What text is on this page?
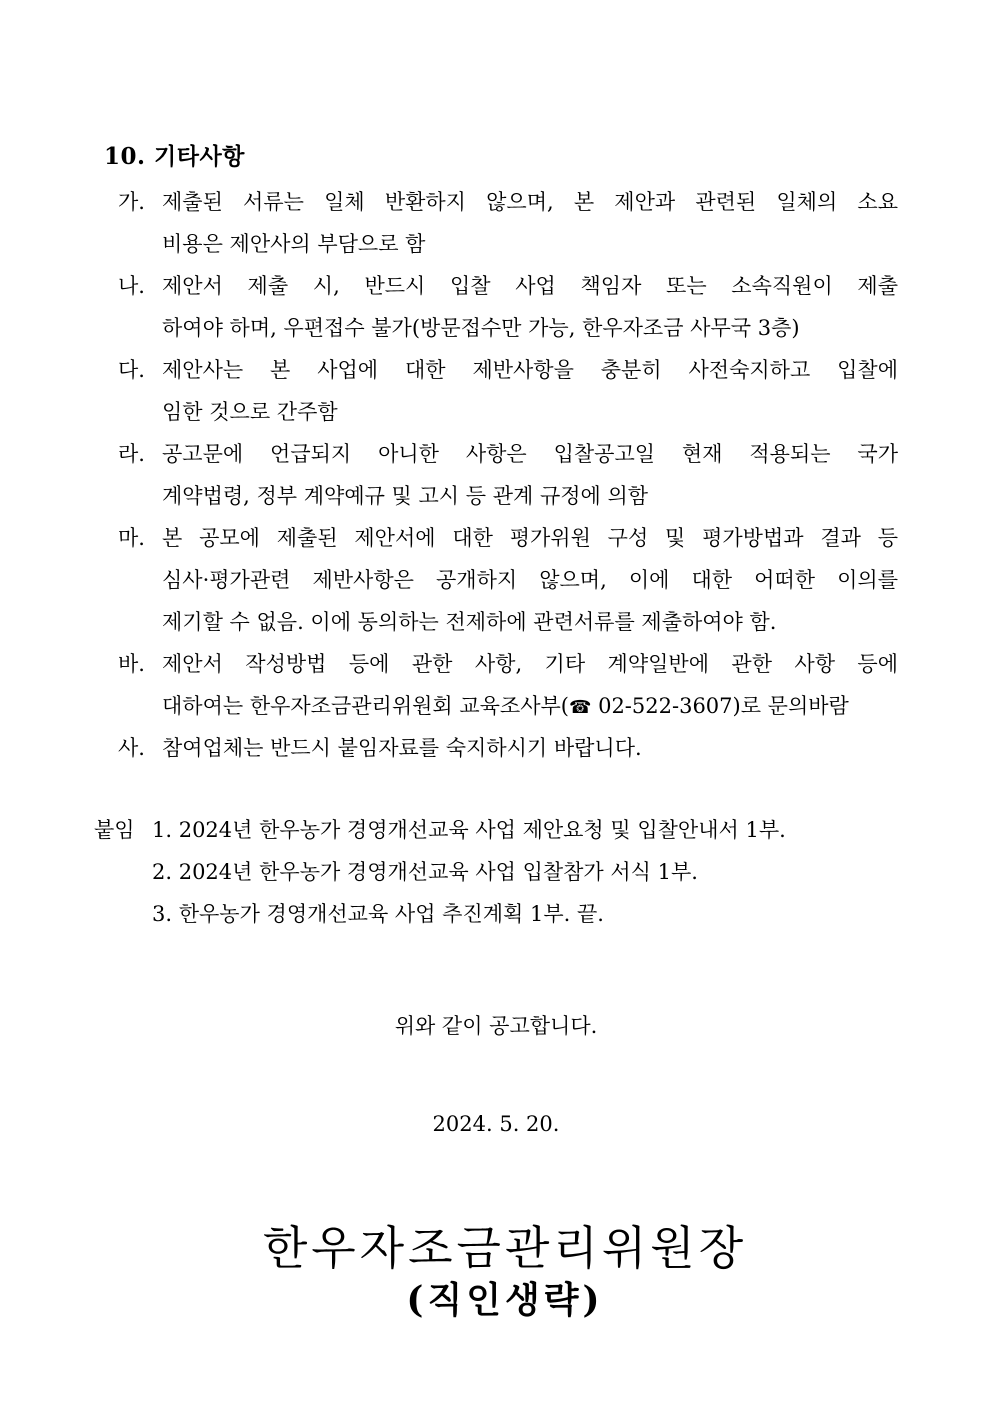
10. 기타사항
가. 제출된 서류는 일체 반환하지 않으며, 본 제안과 관련된 일체의 소요
비용은 제안사의 부담으로 함
나. 제안서 제출 시, 반드시 입찰 사업 책임자 또는 소속직원이 제출
하여야 하며, 우편접수 불가(방문접수만 가능, 한우자조금 사무국 3층)
다. 제안사는 본 사업에 대한 제반사항을 충분히 사전숙지하고 입찰에
임한 것으로 간주함
라. 공고문에 언급되지 아니한 사항은 입찰공고일 현재 적용되는 국가
계약법령, 정부 계약예규 및 고시 등 관계 규정에 의함
마. 본 공모에 제출된 제안서에 대한 평가위원 구성 및 평가방법과 결과 등
심사·평가관련 제반사항은 공개하지 않으며, 이에 대한 어떠한 이의를
제기할 수 없음. 이에 동의하는 전제하에 관련서류를 제출하여야 함.
바. 제안서 작성방법 등에 관한 사항, 기타 계약일반에 관한 사항 등에
대하여는 한우자조금관리위원회 교육조사부(☎ 02-522-3607)로 문의바람
사. 참여업체는 반드시 붙임자료를 숙지하시기 바랍니다.
붙임 1. 2024년 한우농가 경영개선교육 사업 제안요청 및 입찰안내서 1부.
2. 2024년 한우농가 경영개선교육 사업 입찰참가 서식 1부.
3. 한우농가 경영개선교육 사업 추진계획 1부. 끝.
위와 같이 공고합니다.
2024. 5. 20.
한우자조금관리위원장
(직인생략)
